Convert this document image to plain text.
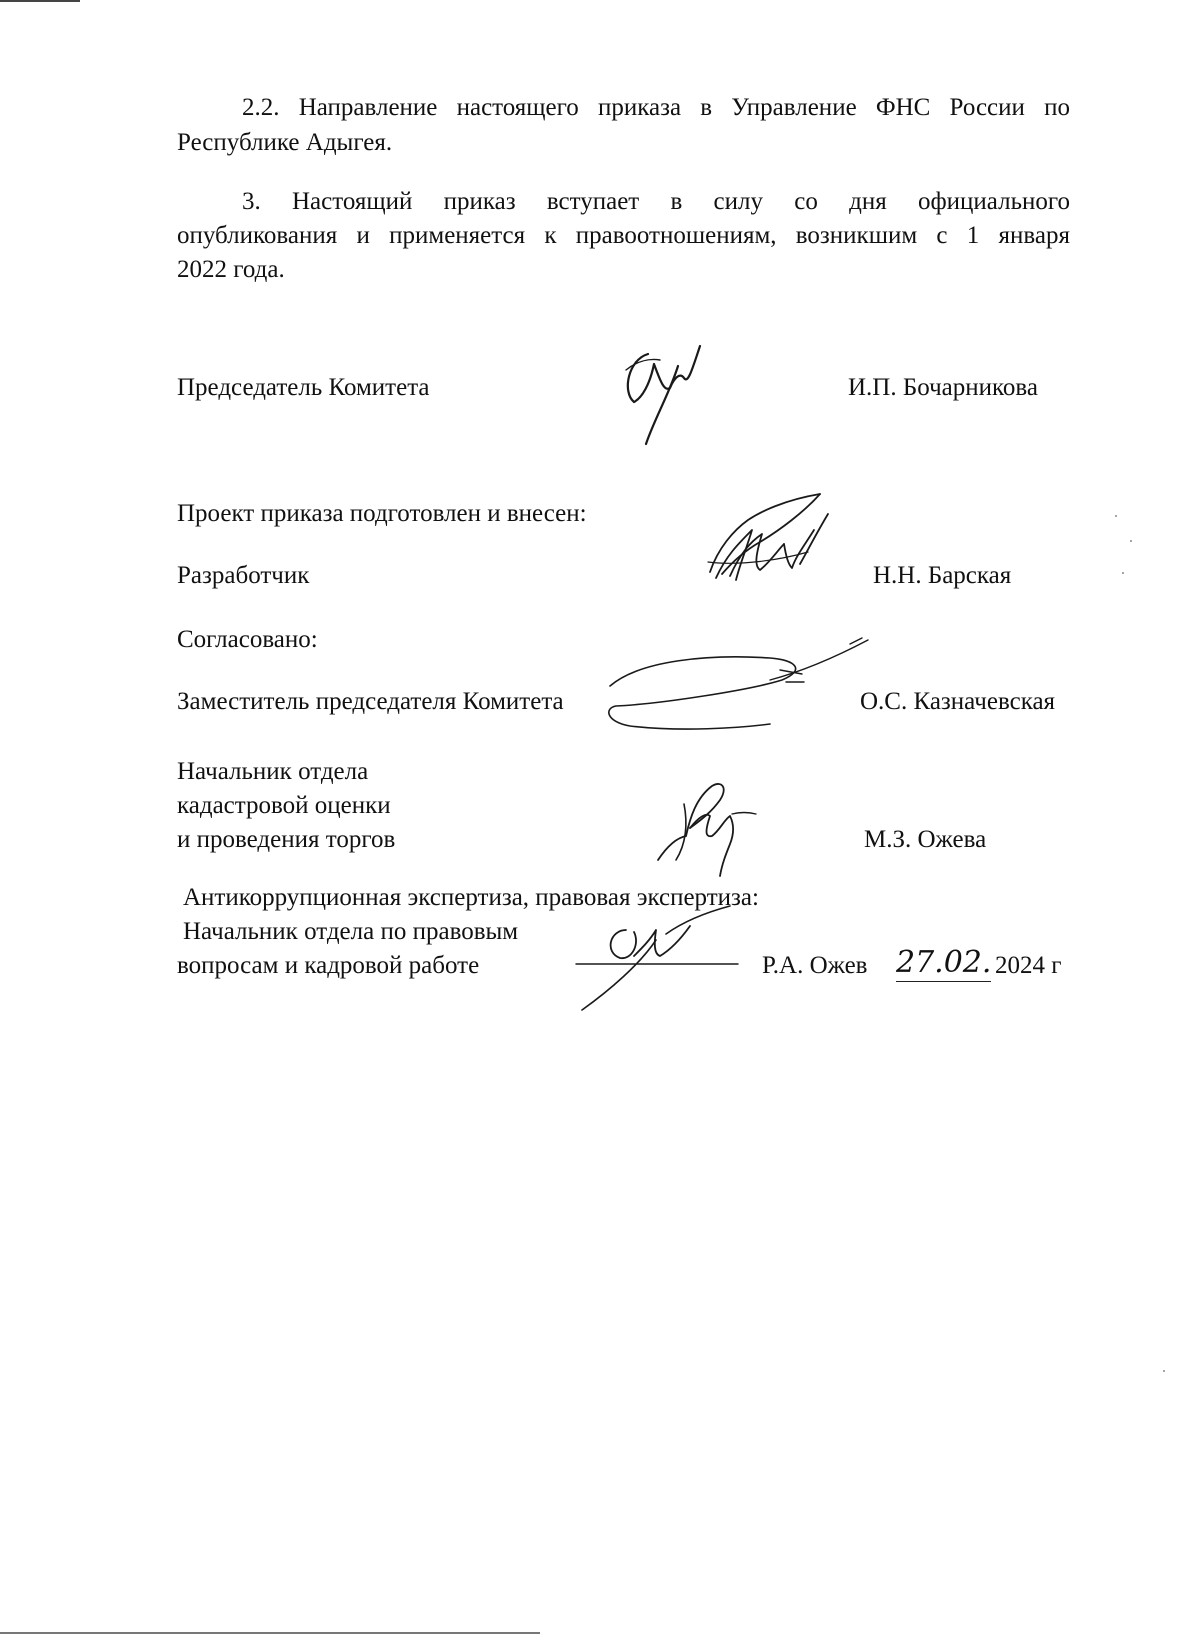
2.2. Направление настоящего приказа в Управление ФНС России по
Республике Адыгея.
3. Настоящий приказ вступает в силу со дня официального
опубликования и применяется к правоотношениям, возникшим с 1 января
2022 года.
Председатель Комитета	И.П. Бочарникова
Проект приказа подготовлен и внесен:
Разработчик	Н.Н. Барская
Согласовано:
Заместитель председателя Комитета	О.С. Казначевская
Начальник отдела
кадастровой оценки
и проведения торгов	М.З. Ожева
Антикоррупционная экспертиза, правовая экспертиза:
Начальник отдела по правовым
вопросам и кадровой работе	Р.А. Ожев 27.02. 2024 г
